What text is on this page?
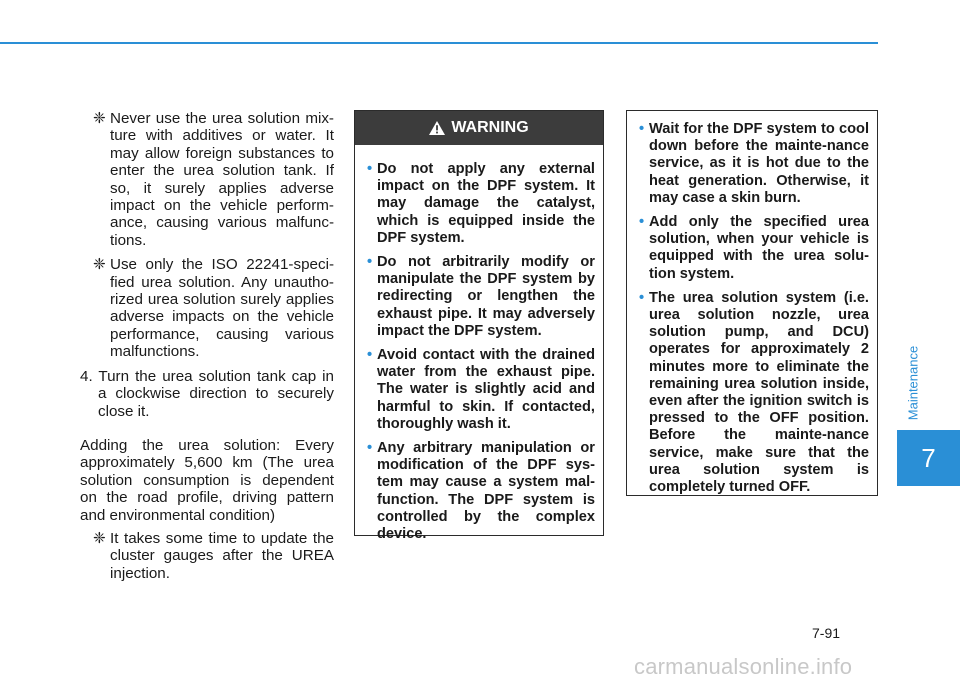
❈ Never use the urea solution mix-ture with additives or water. It may allow foreign substances to enter the urea solution tank. If so, it surely applies adverse impact on the vehicle perform-ance, causing various malfunc-tions.

❈ Use only the ISO 22241-speci-fied urea solution. Any unautho-rized urea solution surely applies adverse impacts on the vehicle performance, causing various malfunctions.

4. Turn the urea solution tank cap in a clockwise direction to securely close it.

Adding the urea solution: Every approximately 5,600 km (The urea solution consumption is dependent on the road profile, driving pattern and environmental condition)

❈ It takes some time to update the cluster gauges after the UREA injection.

WARNING
• Do not apply any external impact on the DPF system. It may damage the catalyst, which is equipped inside the DPF system.
• Do not arbitrarily modify or manipulate the DPF system by redirecting or lengthen the exhaust pipe. It may adversely impact the DPF system.
• Avoid contact with the drained water from the exhaust pipe. The water is slightly acid and harmful to skin. If contacted, thoroughly wash it.
• Any arbitrary manipulation or modification of the DPF sys-tem may cause a system mal-function. The DPF system is controlled by the complex device.
• Wait for the DPF system to cool down before the mainte-nance service, as it is hot due to the heat generation. Otherwise, it may case a skin burn.
• Add only the specified urea solution, when your vehicle is equipped with the urea solu-tion system.
• The urea solution system (i.e. urea solution nozzle, urea solution pump, and DCU) operates for approximately 2 minutes more to eliminate the remaining urea solution inside, even after the ignition switch is pressed to the OFF position. Before the mainte-nance service, make sure that the urea solution system is completely turned OFF.
Maintenance
7
7-91
carmanualsonline.info
